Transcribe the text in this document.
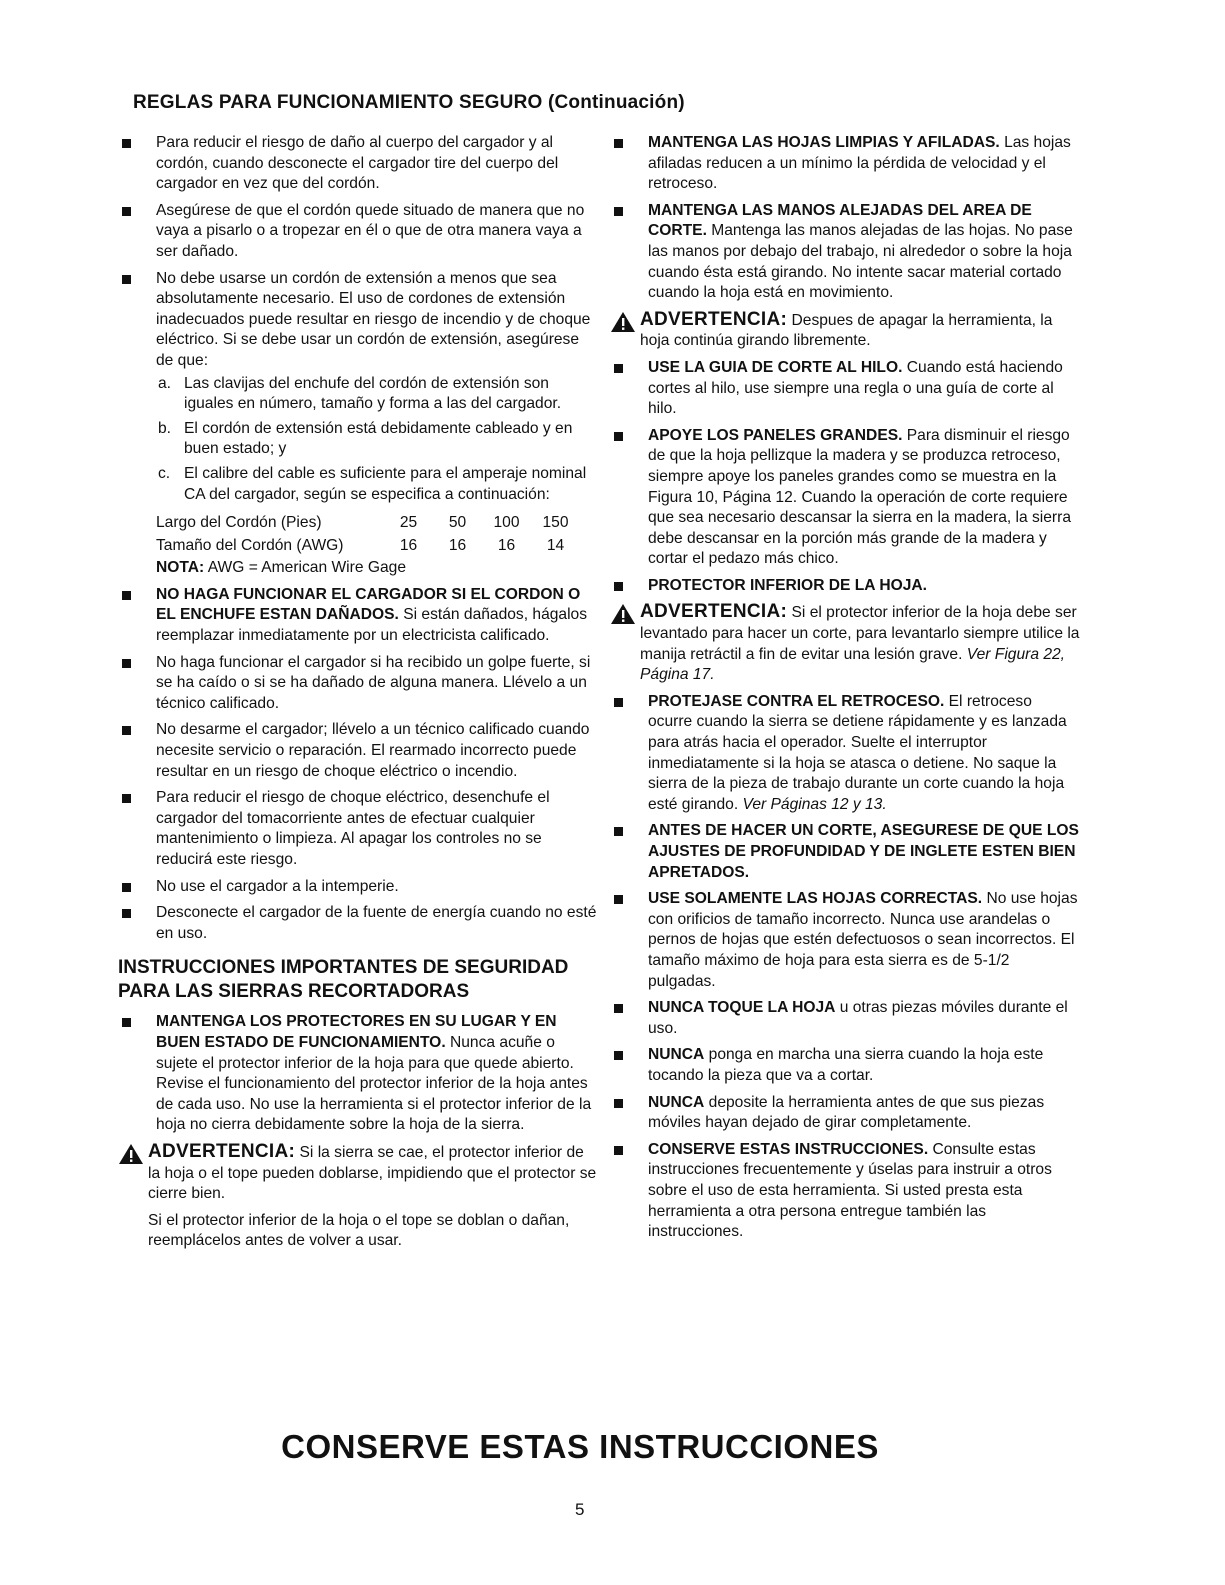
REGLAS PARA FUNCIONAMIENTO SEGURO (Continuación)
Para reducir el riesgo de daño al cuerpo del cargador y al cordón, cuando desconecte el cargador tire del cuerpo del cargador en vez que del cordón.
Asegúrese de que el cordón quede situado de manera que no vaya a pisarlo o a tropezar en él o que de otra manera vaya a ser dañado.
No debe usarse un cordón de extensión a menos que sea absolutamente necesario. El uso de cordones de extensión inadecuados puede resultar en riesgo de incendio y de choque eléctrico. Si se debe usar un cordón de extensión, asegúrese de que:
a. Las clavijas del enchufe del cordón de extensión son iguales en número, tamaño y forma a las del cargador.
b. El cordón de extensión está debidamente cableado y en buen estado; y
c. El calibre del cable es suficiente para el amperaje nominal CA del cargador, según se especifica a continuación:
Largo del Cordón (Pies)	25	50	100	150
Tamaño del Cordón (AWG)	16	16	16	14
NOTA: AWG = American Wire Gage
NO HAGA FUNCIONAR EL CARGADOR SI EL CORDON O EL ENCHUFE ESTAN DAÑADOS. Si están dañados, hágalos reemplazar inmediatamente por un electricista calificado.
No haga funcionar el cargador si ha recibido un golpe fuerte, si se ha caído o si se ha dañado de alguna manera. Llévelo a un técnico calificado.
No desarme el cargador; llévelo a un técnico calificado cuando necesite servicio o reparación. El rearmado incorrecto puede resultar en un riesgo de choque eléctrico o incendio.
Para reducir el riesgo de choque eléctrico, desenchufe el cargador del tomacorriente antes de efectuar cualquier mantenimiento o limpieza. Al apagar los controles no se reducirá este riesgo.
No use el cargador a la intemperie.
Desconecte el cargador de la fuente de energía cuando no esté en uso.
INSTRUCCIONES IMPORTANTES DE SEGURIDAD PARA LAS SIERRAS RECORTADORAS
MANTENGA LOS PROTECTORES EN SU LUGAR Y EN BUEN ESTADO DE FUNCIONAMIENTO. Nunca acuñe o sujete el protector inferior de la hoja para que quede abierto. Revise el funcionamiento del protector inferior de la hoja antes de cada uso. No use la herramienta si el protector inferior de la hoja no cierra debidamente sobre la hoja de la sierra.
ADVERTENCIA: Si la sierra se cae, el protector inferior de la hoja o el tope pueden doblarse, impidiendo que el protector se cierre bien.
Si el protector inferior de la hoja o el tope se doblan o dañan, reemplácelos antes de volver a usar.
MANTENGA LAS HOJAS LIMPIAS Y AFILADAS. Las hojas afiladas reducen a un mínimo la pérdida de velocidad y el retroceso.
MANTENGA LAS MANOS ALEJADAS DEL AREA DE CORTE. Mantenga las manos alejadas de las hojas. No pase las manos por debajo del trabajo, ni alrededor o sobre la hoja cuando ésta está girando. No intente sacar material cortado cuando la hoja está en movimiento.
ADVERTENCIA: Despues de apagar la herramienta, la hoja continúa girando libremente.
USE LA GUIA DE CORTE AL HILO. Cuando está haciendo cortes al hilo, use siempre una regla o una guía de corte al hilo.
APOYE LOS PANELES GRANDES. Para disminuir el riesgo de que la hoja pellizque la madera y se produzca retroceso, siempre apoye los paneles grandes como se muestra en la Figura 10, Página 12. Cuando la operación de corte requiere que sea necesario descansar la sierra en la madera, la sierra debe descansar en la porción más grande de la madera y cortar el pedazo más chico.
PROTECTOR INFERIOR DE LA HOJA.
ADVERTENCIA: Si el protector inferior de la hoja debe ser levantado para hacer un corte, para levantarlo siempre utilice la manija retráctil a fin de evitar una lesión grave. Ver Figura 22, Página 17.
PROTEJASE CONTRA EL RETROCESO. El retroceso ocurre cuando la sierra se detiene rápidamente y es lanzada para atrás hacia el operador. Suelte el interruptor inmediatamente si la hoja se atasca o detiene. No saque la sierra de la pieza de trabajo durante un corte cuando la hoja esté girando. Ver Páginas 12 y 13.
ANTES DE HACER UN CORTE, ASEGURESE DE QUE LOS AJUSTES DE PROFUNDIDAD Y DE INGLETE ESTEN BIEN APRETADOS.
USE SOLAMENTE LAS HOJAS CORRECTAS. No use hojas con orificios de tamaño incorrecto. Nunca use arandelas o pernos de hojas que estén defectuosos o sean incorrectos. El tamaño máximo de hoja para esta sierra es de 5-1/2 pulgadas.
NUNCA TOQUE LA HOJA u otras piezas móviles durante el uso.
NUNCA ponga en marcha una sierra cuando la hoja este tocando la pieza que va a cortar.
NUNCA deposite la herramienta antes de que sus piezas móviles hayan dejado de girar completamente.
CONSERVE ESTAS INSTRUCCIONES. Consulte estas instrucciones frecuentemente y úselas para instruir a otros sobre el uso de esta herramienta. Si usted presta esta herramienta a otra persona entregue también las instrucciones.
CONSERVE ESTAS INSTRUCCIONES
5
